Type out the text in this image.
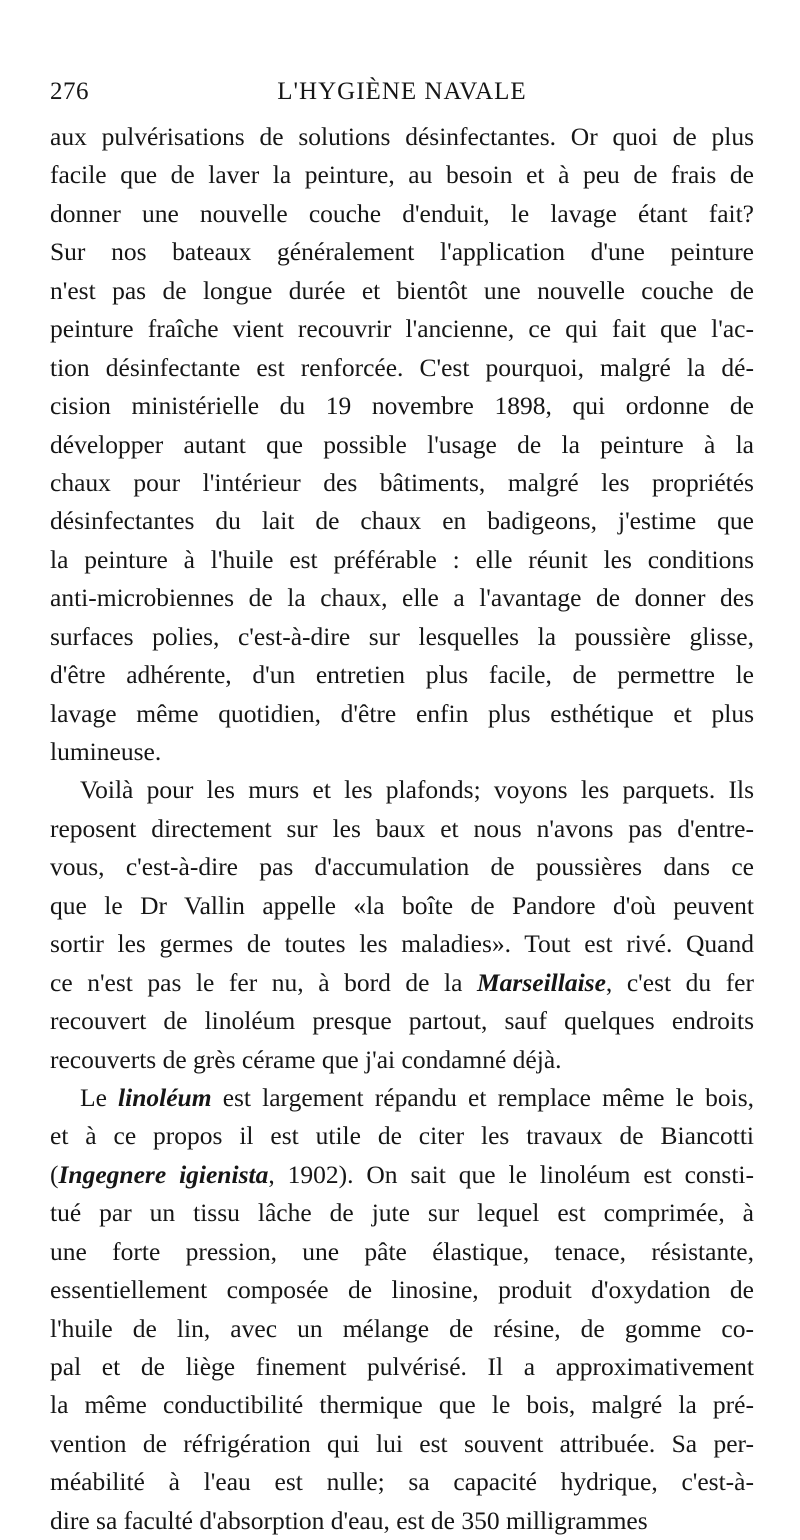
276	L'HYGIÈNE NAVALE
aux pulvérisations de solutions désinfectantes. Or quoi de plus
facile que de laver la peinture, au besoin et à peu de frais de
donner une nouvelle couche d'enduit, le lavage étant fait?
Sur nos bateaux généralement l'application d'une peinture
n'est pas de longue durée et bientôt une nouvelle couche de
peinture fraîche vient recouvrir l'ancienne, ce qui fait que l'ac-
tion désinfectante est renforcée. C'est pourquoi, malgré la dé-
cision ministérielle du 19 novembre 1898, qui ordonne de
développer autant que possible l'usage de la peinture à la
chaux pour l'intérieur des bâtiments, malgré les propriétés
désinfectantes du lait de chaux en badigeons, j'estime que
la peinture à l'huile est préférable : elle réunit les conditions
anti-microbiennes de la chaux, elle a l'avantage de donner des
surfaces polies, c'est-à-dire sur lesquelles la poussière glisse,
d'être adhérente, d'un entretien plus facile, de permettre le
lavage même quotidien, d'être enfin plus esthétique et plus
lumineuse.
Voilà pour les murs et les plafonds; voyons les parquets. Ils
reposent directement sur les baux et nous n'avons pas d'entre-
vous, c'est-à-dire pas d'accumulation de poussières dans ce
que le Dr Vallin appelle «la boîte de Pandore d'où peuvent
sortir les germes de toutes les maladies». Tout est rivé. Quand
ce n'est pas le fer nu, à bord de la Marseillaise, c'est du fer
recouvert de linoléum presque partout, sauf quelques endroits
recouverts de grès cérame que j'ai condamné déjà.
Le linoléum est largement répandu et remplace même le bois,
et à ce propos il est utile de citer les travaux de Biancotti
(Ingegnere igienista, 1902). On sait que le linoléum est consti-
tué par un tissu lâche de jute sur lequel est comprimée, à
une forte pression, une pâte élastique, tenace, résistante,
essentiellement composée de linosine, produit d'oxydation de
l'huile de lin, avec un mélange de résine, de gomme co-
pal et de liège finement pulvérisé. Il a approximativement
la même conductibilité thermique que le bois, malgré la pré-
vention de réfrigération qui lui est souvent attribuée. Sa per-
méabilité à l'eau est nulle; sa capacité hydrique, c'est-à-
dire sa faculté d'absorption d'eau, est de 350 milligrammes
